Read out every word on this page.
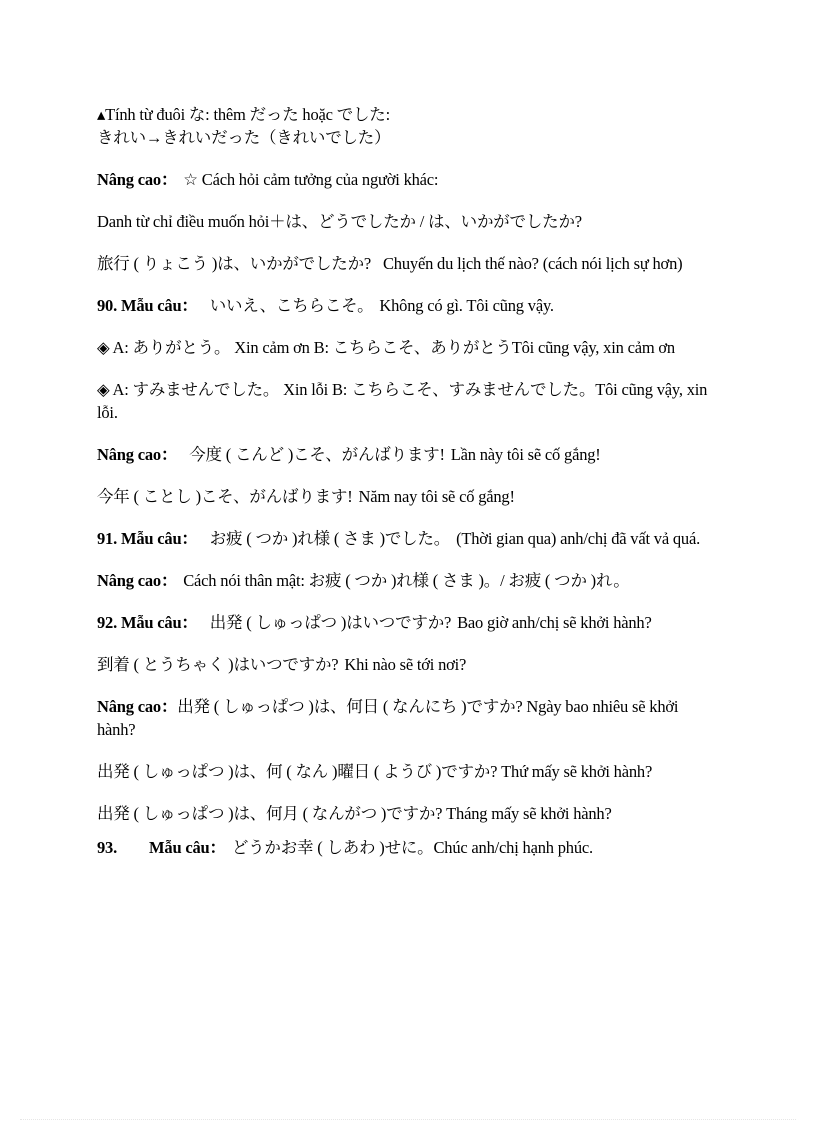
▴Tính từ đuôi な: thêm だった hoặc でした:
きれい→きれいだった（きれいでした）

Nâng cao： ☆ Cách hỏi cảm tưởng của người khác:

Danh từ chỉ điều muốn hỏi＋は、どうでしたか / は、いかがでしたか?

旅行 ( りょこう )は、いかがでしたか? Chuyến du lịch thế nào? (cách nói lịch sự hơn)

90. Mẫu câu： いいえ、こちらこそ。 Không có gì. Tôi cũng vậy.

◈ A: ありがとう。 Xin cảm ơn B: こちらこそ、ありがとうTôi cũng vậy, xin cảm ơn

◈ A: すみませんでした。 Xin lỗi B: こちらこそ、すみませんでした。Tôi cũng vậy, xin lỗi.

Nâng cao： 今度 ( こんど )こそ、がんばります! Lần này tôi sẽ cố gắng!

今年 ( ことし )こそ、がんばります! Năm nay tôi sẽ cố gắng!

91. Mẫu câu： お疲 ( つか )れ様 ( さま )でした。 (Thời gian qua) anh/chị đã vất vả quá.

Nâng cao： Cách nói thân mật: お疲 ( つか )れ様 ( さま )。/ お疲 ( つか )れ。

92. Mẫu câu： 出発 ( しゅっぱつ )はいつですか? Bao giờ anh/chị sẽ khởi hành?

到着 ( とうちゃく )はいつですか? Khi nào sẽ tới nơi?

Nâng cao：出発 ( しゅっぱつ )は、何日 ( なんにち )ですか? Ngày bao nhiêu sẽ khởi hành?

出発 ( しゅっぱつ )は、何 ( なん )曜日 ( ようび )ですか? Thứ mấy sẽ khởi hành?

出発 ( しゅっぱつ )は、何月 ( なんがつ )ですか? Tháng mấy sẽ khởi hành?

93. Mẫu câu： どうかお幸 ( しあわ )せに。Chúc anh/chị hạnh phúc.
